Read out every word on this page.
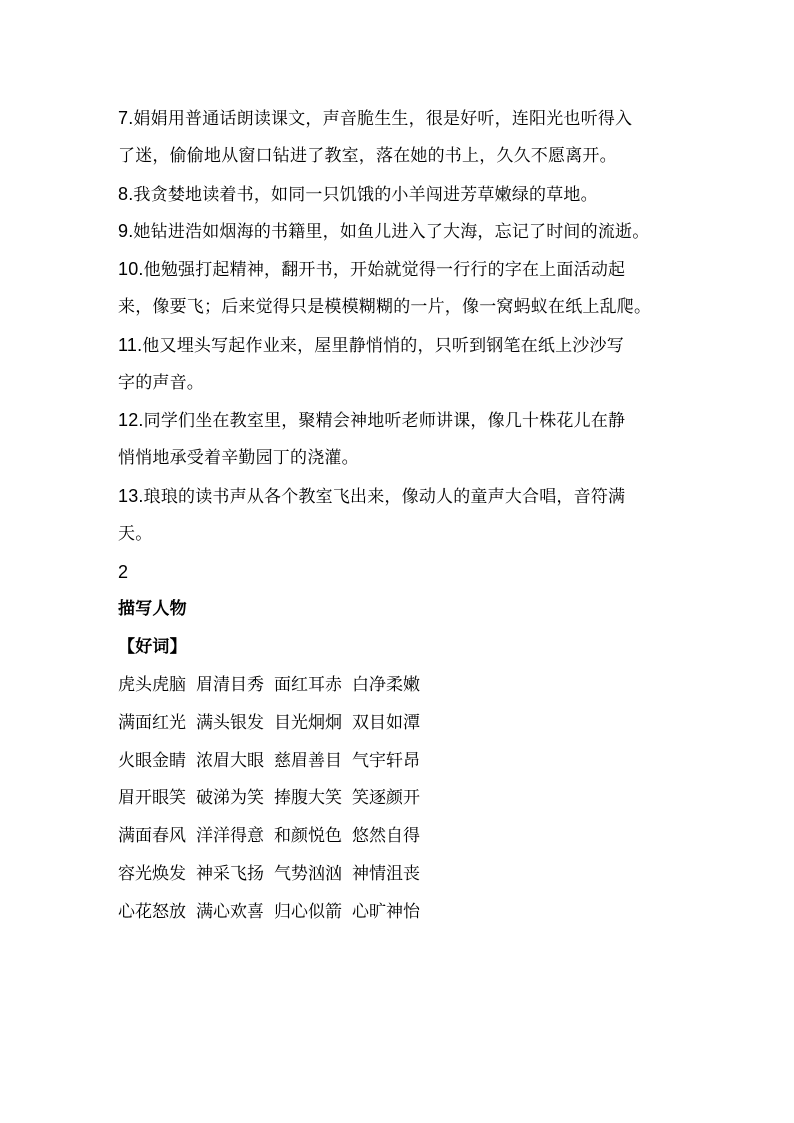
7.娟娟用普通话朗读课文，声音脆生生，很是好听，连阳光也听得入
了迷，偷偷地从窗口钻进了教室，落在她的书上，久久不愿离开。
8.我贪婪地读着书，如同一只饥饿的小羊闯进芳草嫩绿的草地。
9.她钻进浩如烟海的书籍里，如鱼儿进入了大海，忘记了时间的流逝。
10.他勉强打起精神，翻开书，开始就觉得一行行的字在上面活动起
来，像要飞；后来觉得只是模模糊糊的一片，像一窝蚂蚁在纸上乱爬。
11.他又埋头写起作业来，屋里静悄悄的，只听到钢笔在纸上沙沙写
字的声音。
12.同学们坐在教室里，聚精会神地听老师讲课，像几十株花儿在静
悄悄地承受着辛勤园丁的浇灌。
13.琅琅的读书声从各个教室飞出来，像动人的童声大合唱，音符满
天。
2
描写人物
【好词】
虎头虎脑 眉清目秀 面红耳赤 白净柔嫩
满面红光 满头银发 目光炯炯 双目如潭
火眼金睛 浓眉大眼 慈眉善目 气宇轩昂
眉开眼笑 破涕为笑 捧腹大笑 笑逐颜开
满面春风 洋洋得意 和颜悦色 悠然自得
容光焕发 神采飞扬 气势汹汹 神情沮丧
心花怒放 满心欢喜 归心似箭 心旷神怡
